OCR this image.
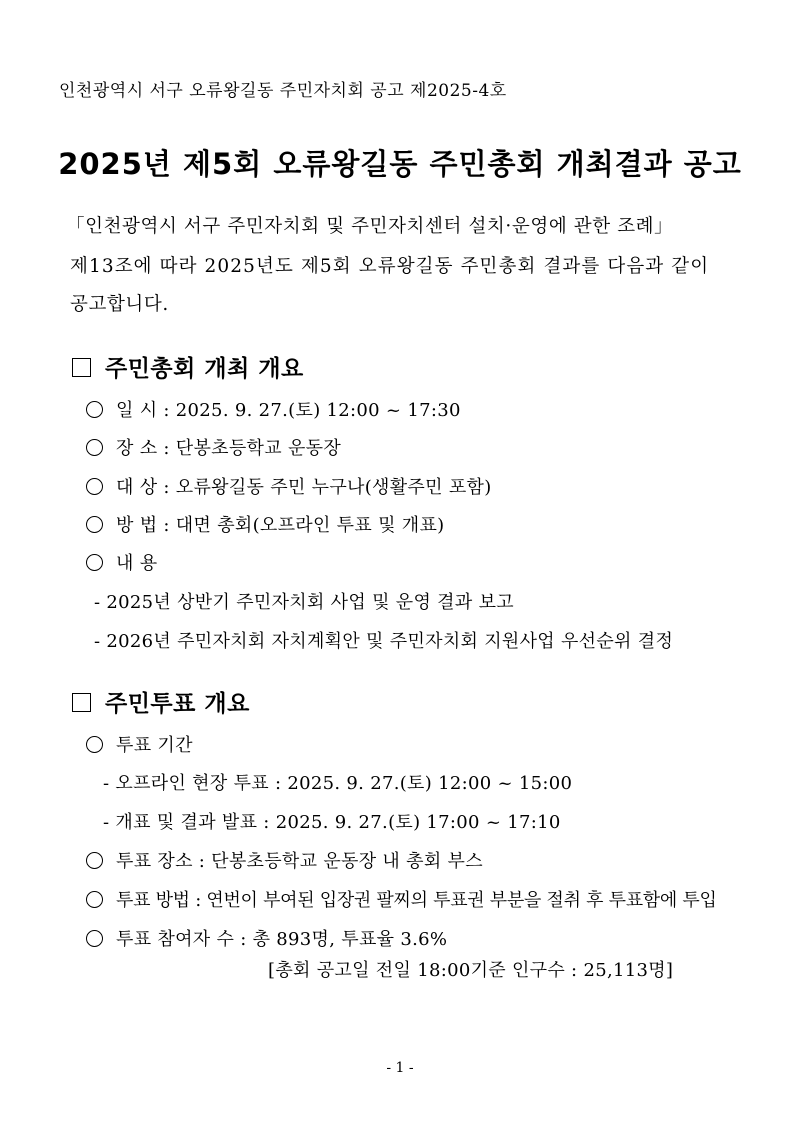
인천광역시 서구 오류왕길동 주민자치회 공고 제2025-4호
2025년 제5회 오류왕길동 주민총회 개최결과 공고

「인천광역시 서구 주민자치회 및 주민자치센터 설치·운영에 관한 조례」

제13조에 따라 2025년도 제5회 오류왕길동 주민총회 결과를 다음과 같이

공고합니다.

주민총회 개최 개요
일 시 : 2025. 9. 27.(토) 12:00 ~ 17:30
장 소 : 단봉초등학교 운동장
대 상 : 오류왕길동 주민 누구나(생활주민 포함)
방 법 : 대면 총회(오프라인 투표 및 개표)
내 용
- 2025년 상반기 주민자치회 사업 및 운영 결과 보고
- 2026년 주민자치회 자치계획안 및 주민자치회 지원사업 우선순위 결정
주민투표 개요
투표 기간
- 오프라인 현장 투표 : 2025. 9. 27.(토) 12:00 ~ 15:00
- 개표 및 결과 발표 : 2025. 9. 27.(토) 17:00 ~ 17:10
투표 장소 : 단봉초등학교 운동장 내 총회 부스
투표 방법 : 연번이 부여된 입장권 팔찌의 투표권 부분을 절취 후 투표함에 투입
투표 참여자 수 : 총 893명, 투표율 3.6%
[총회 공고일 전일 18:00기준 인구수 : 25,113명]
- 1 -
